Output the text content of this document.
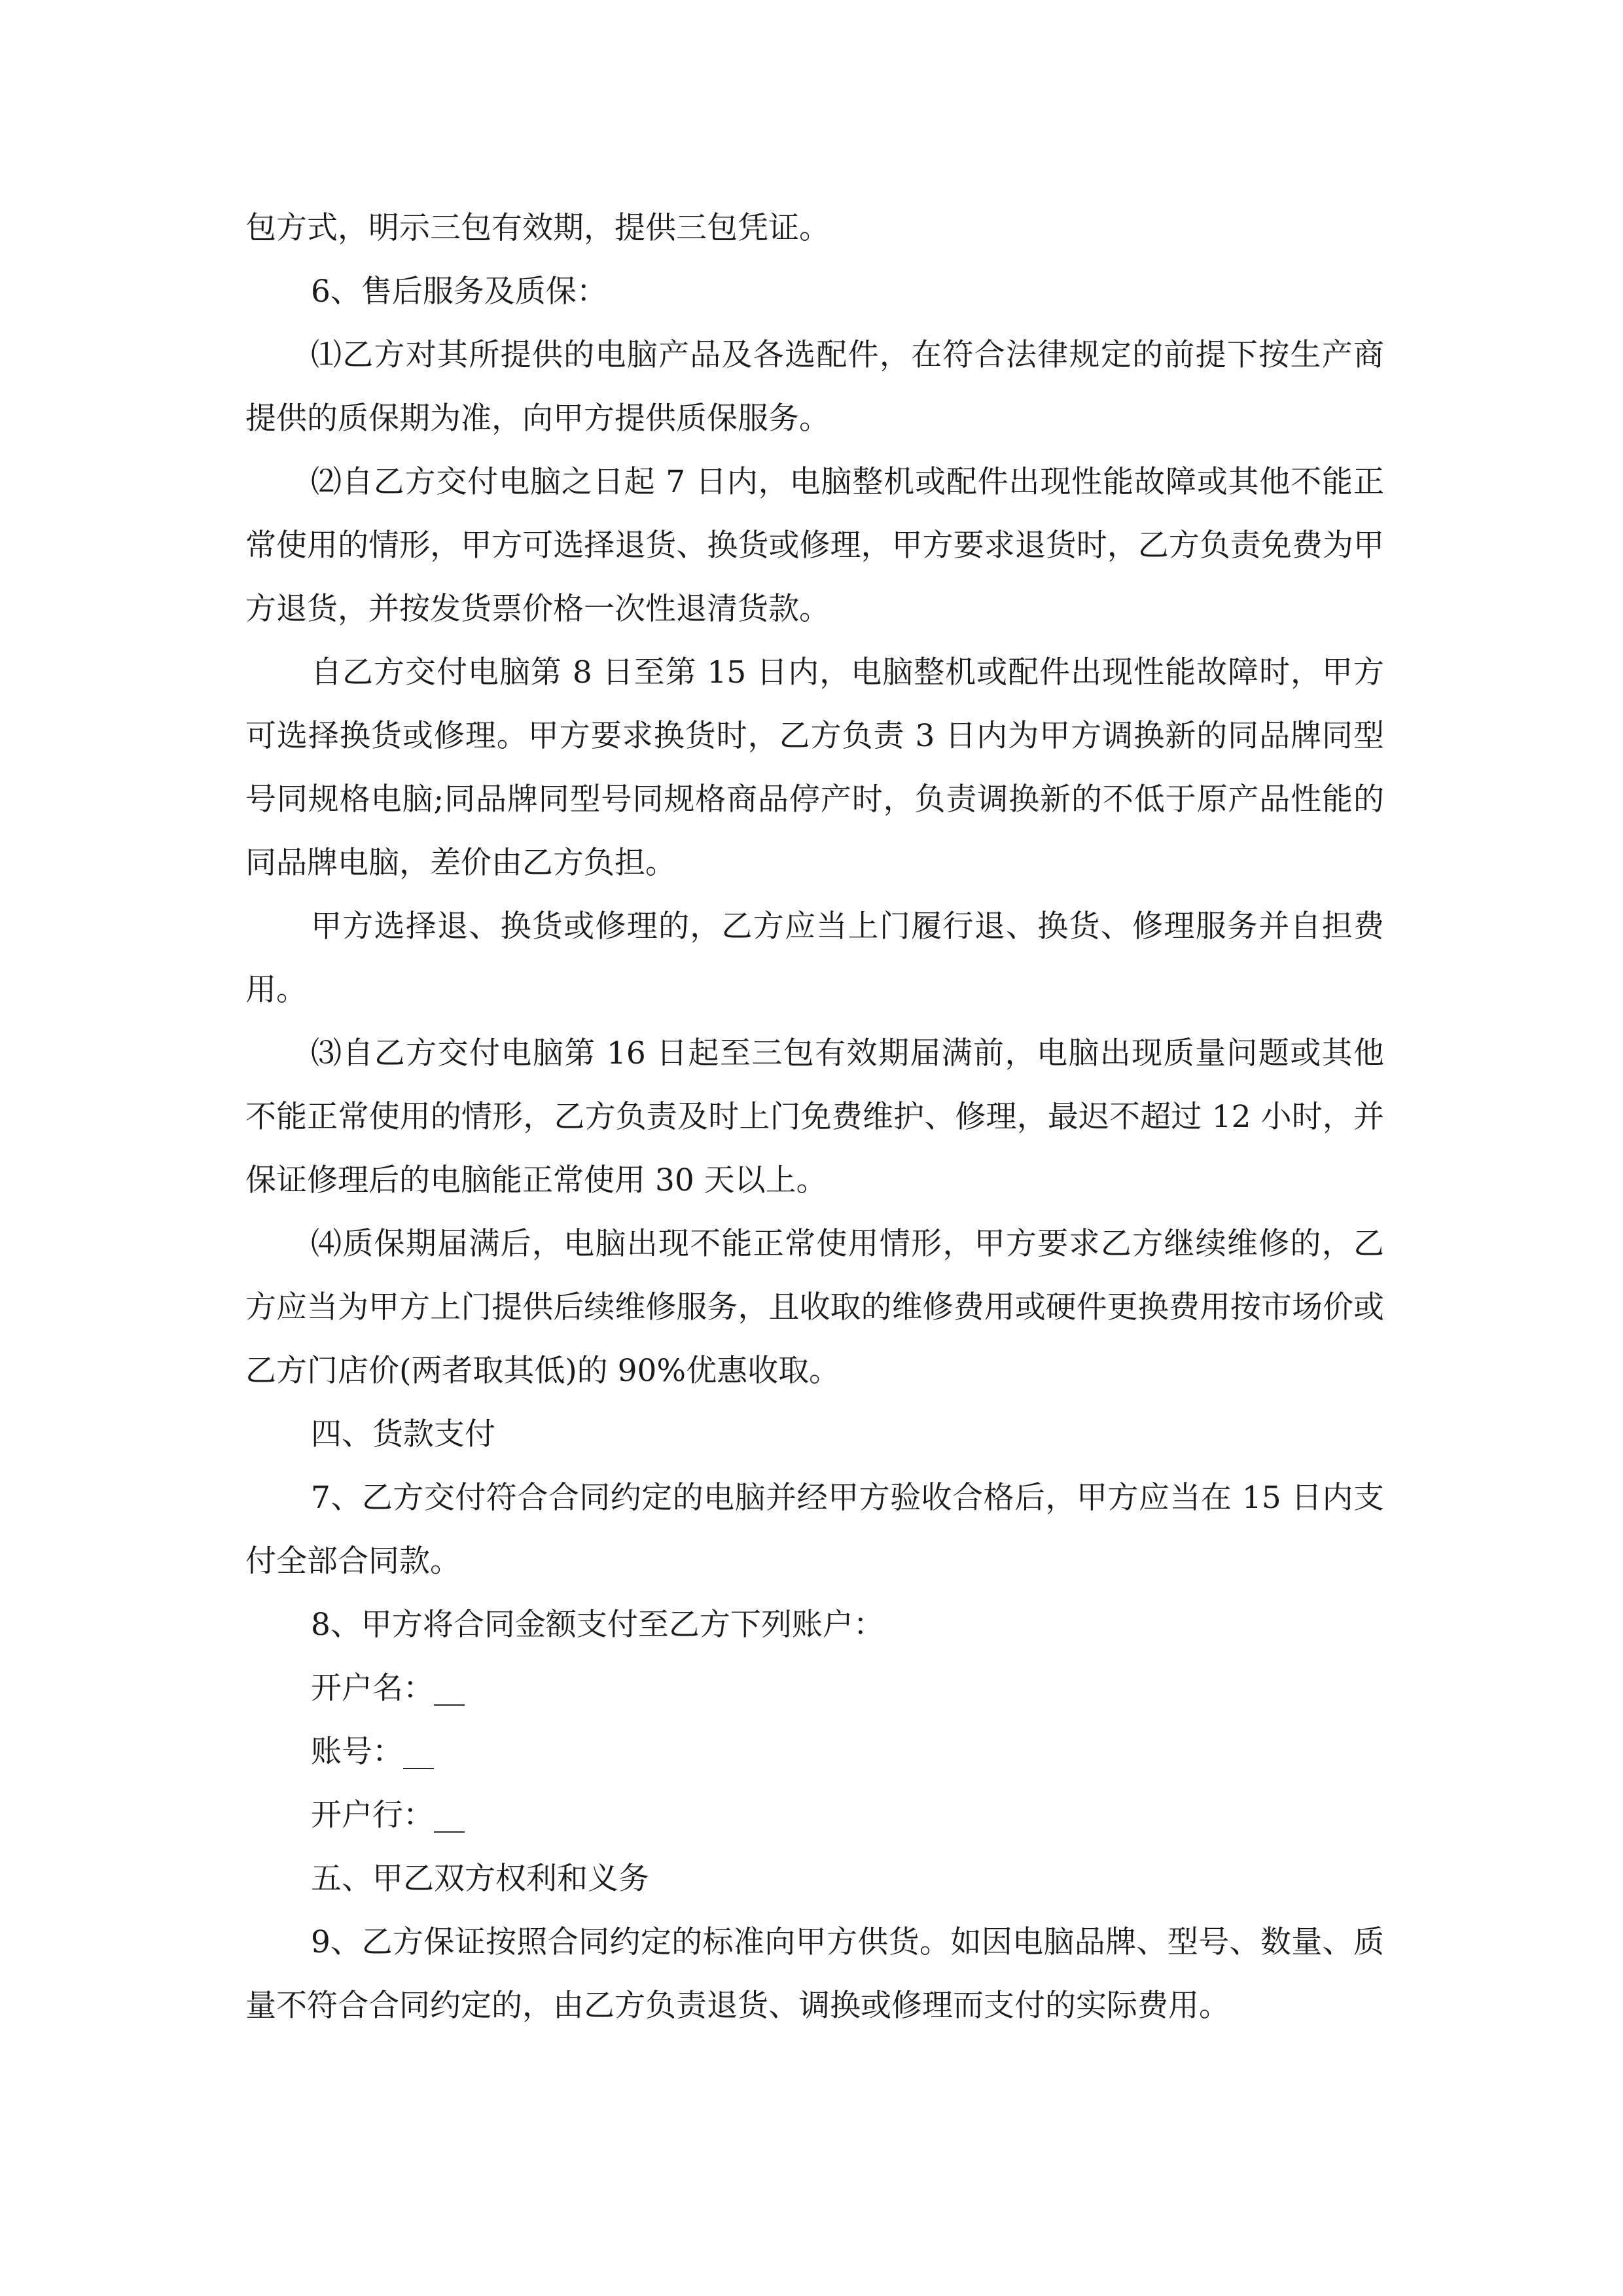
包方式，明示三包有效期，提供三包凭证。

6、售后服务及质保：

⑴乙方对其所提供的电脑产品及各选配件，在符合法律规定的前提下按生产商提供的质保期为准，向甲方提供质保服务。

⑵自乙方交付电脑之日起 7 日内，电脑整机或配件出现性能故障或其他不能正常使用的情形，甲方可选择退货、换货或修理，甲方要求退货时，乙方负责免费为甲方退货，并按发货票价格一次性退清货款。

自乙方交付电脑第 8 日至第 15 日内，电脑整机或配件出现性能故障时，甲方可选择换货或修理。甲方要求换货时，乙方负责 3 日内为甲方调换新的同品牌同型号同规格电脑;同品牌同型号同规格商品停产时，负责调换新的不低于原产品性能的同品牌电脑，差价由乙方负担。

甲方选择退、换货或修理的，乙方应当上门履行退、换货、修理服务并自担费用。

⑶自乙方交付电脑第 16 日起至三包有效期届满前，电脑出现质量问题或其他不能正常使用的情形，乙方负责及时上门免费维护、修理，最迟不超过 12 小时，并保证修理后的电脑能正常使用 30 天以上。

⑷质保期届满后，电脑出现不能正常使用情形，甲方要求乙方继续维修的，乙方应当为甲方上门提供后续维修服务，且收取的维修费用或硬件更换费用按市场价或乙方门店价(两者取其低)的 90%优惠收取。

四、货款支付

7、乙方交付符合合同约定的电脑并经甲方验收合格后，甲方应当在 15 日内支付全部合同款。

8、甲方将合同金额支付至乙方下列账户：

开户名：__

账号：__

开户行：__

五、甲乙双方权利和义务

9、乙方保证按照合同约定的标准向甲方供货。如因电脑品牌、型号、数量、质量不符合合同约定的，由乙方负责退货、调换或修理而支付的实际费用。
